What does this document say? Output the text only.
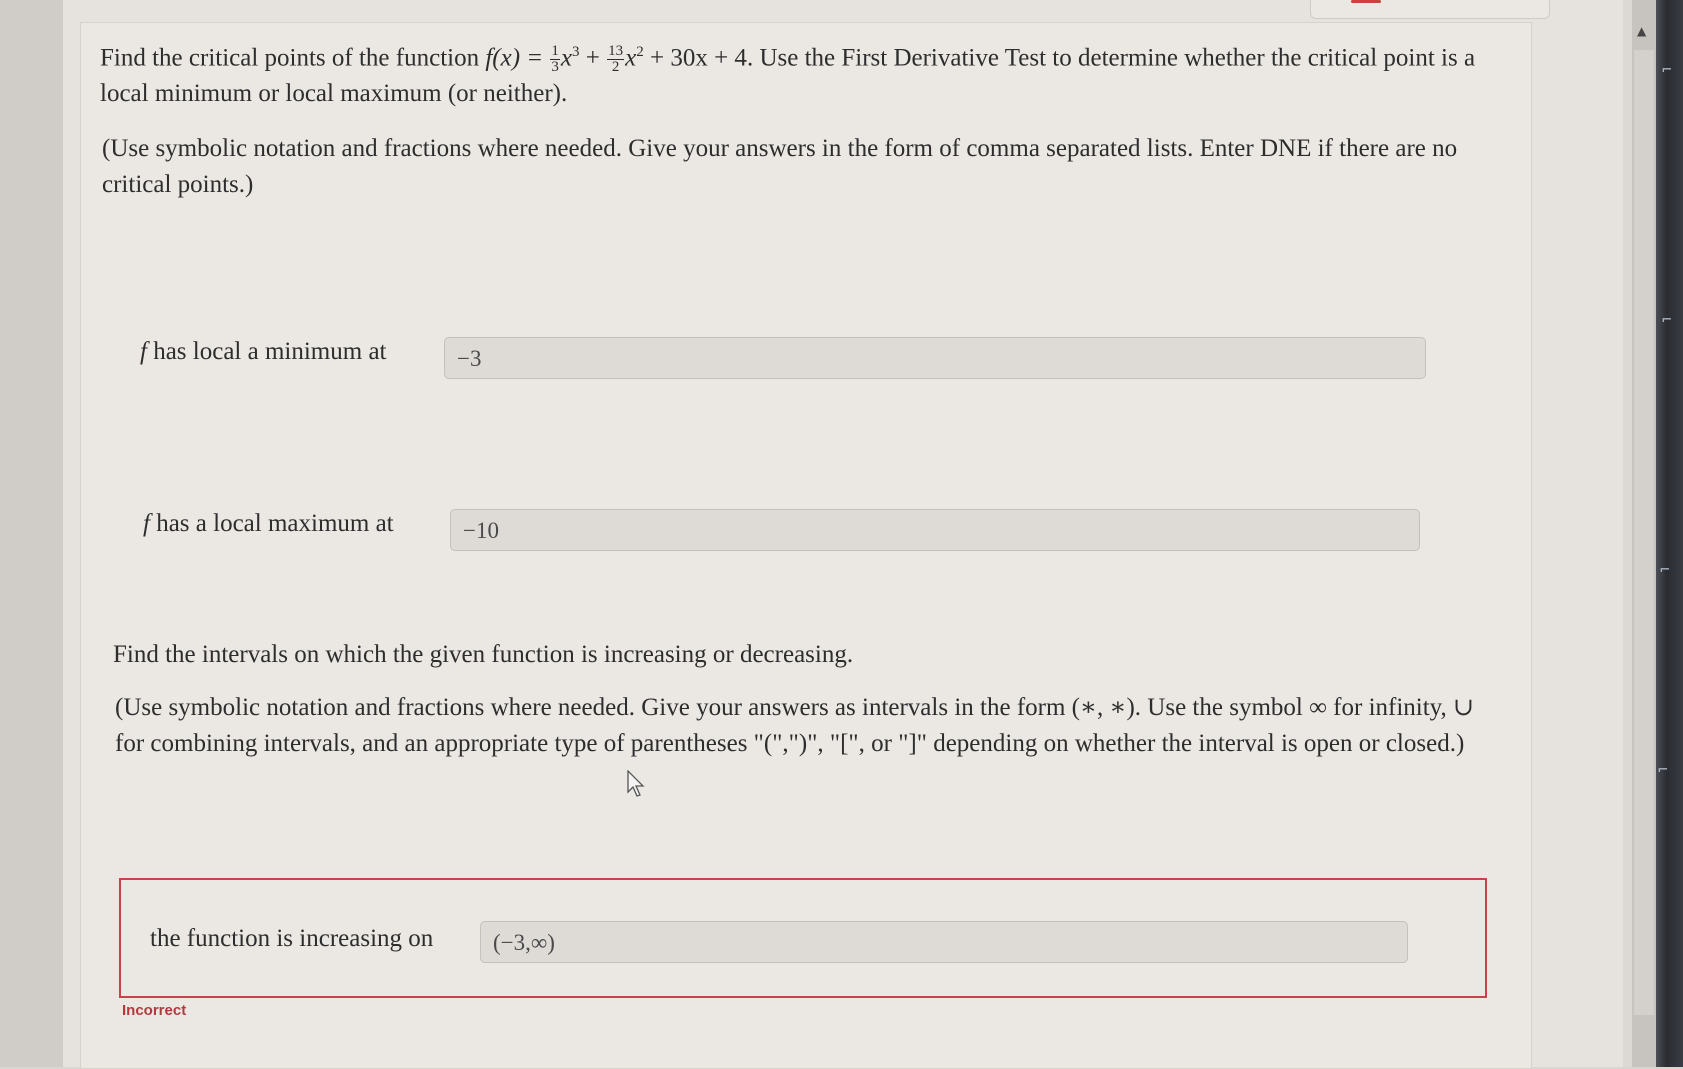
Find the critical points of the function $f(x) = \frac{1}{3} x^3 + \frac{13}{2} x^2 + 30x + 4$. Use the First Derivative Test to determine whether the critical point is a local minimum or local maximum (or neither).
(Use symbolic notation and fractions where needed. Give your answers in the form of comma separated lists. Enter DNE if there are no critical points.)
f has local a minimum at	−3
f has a local maximum at	−10
Find the intervals on which the given function is increasing or decreasing.
(Use symbolic notation and fractions where needed. Give your answers as intervals in the form (∗, ∗). Use the symbol ∞ for infinity, ∪ for combining intervals, and an appropriate type of parentheses "(",")", "[", or "]" depending on whether the interval is open or closed.)
the function is increasing on	(−3,∞)
Incorrect
▲
⌐
⌐
⌐
⌐
